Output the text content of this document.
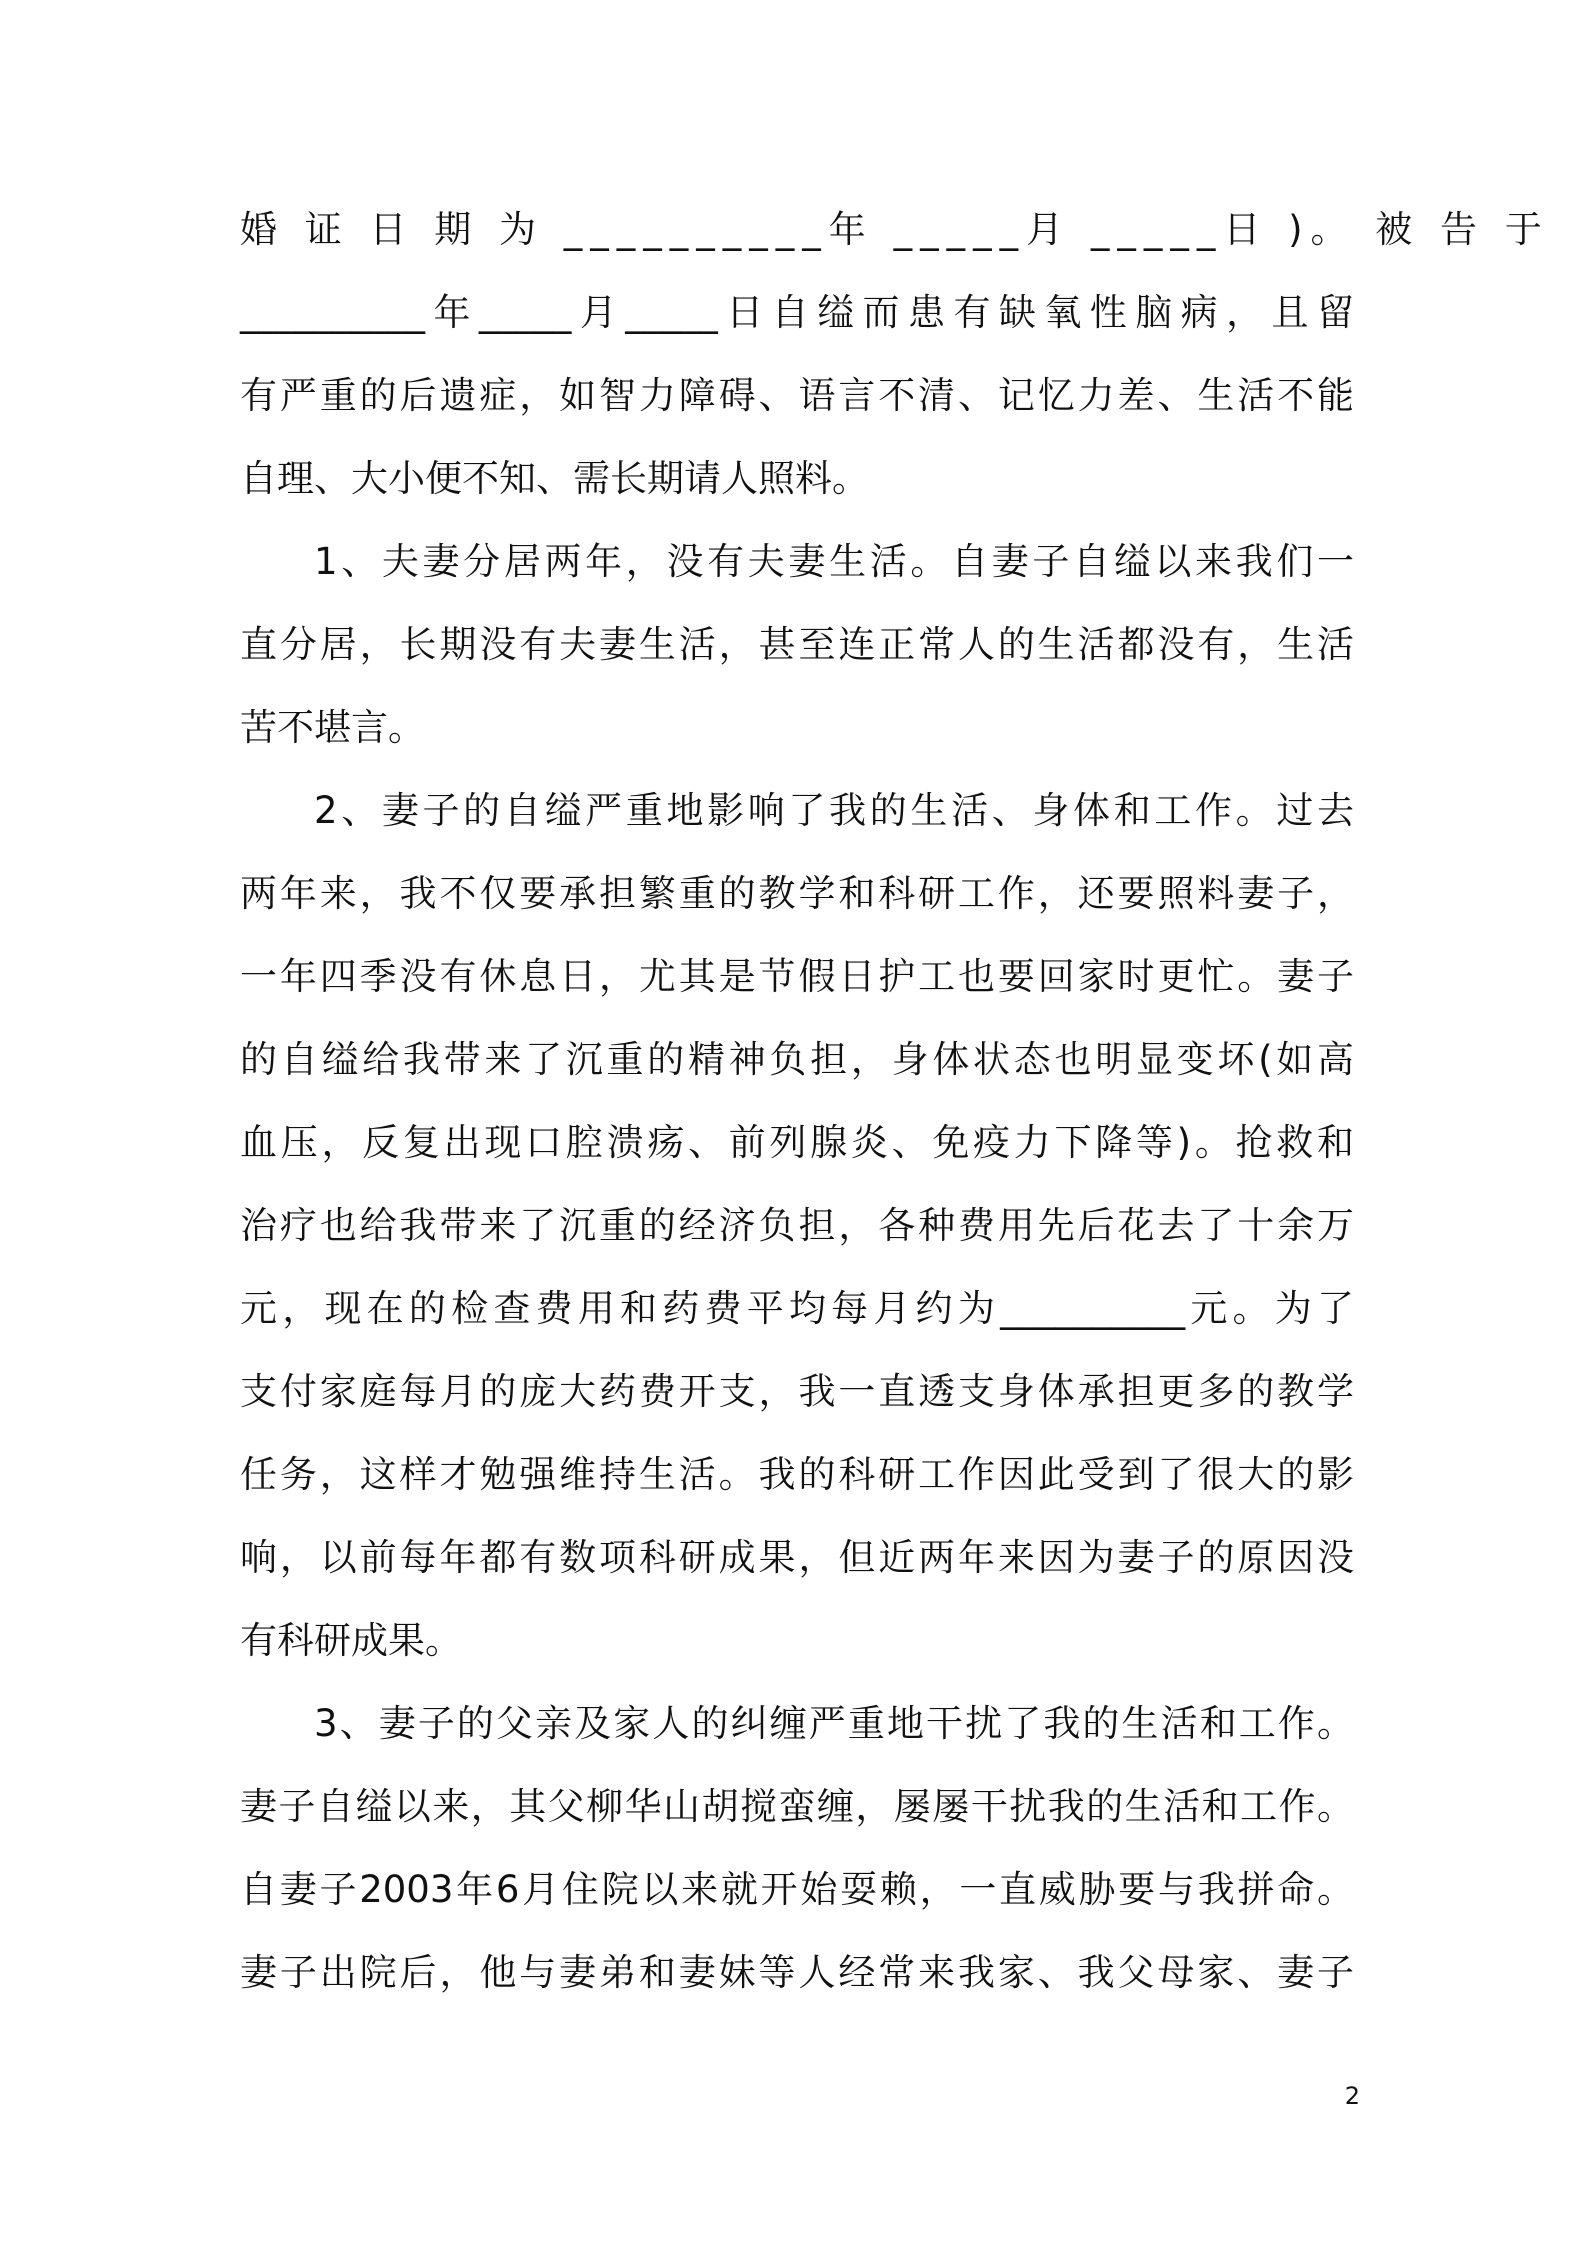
婚 证 日 期 为 __________年 _____月 _____日 )。 被 告 于
__________年_____月_____日自缢而患有缺氧性脑病，且留
有严重的后遗症，如智力障碍、语言不清、记忆力差、生活不能
自理、大小便不知、需长期请人照料。
1、夫妻分居两年，没有夫妻生活。自妻子自缢以来我们一
直分居，长期没有夫妻生活，甚至连正常人的生活都没有，生活
苦不堪言。
2、妻子的自缢严重地影响了我的生活、身体和工作。过去
两年来，我不仅要承担繁重的教学和科研工作，还要照料妻子，
一年四季没有休息日，尤其是节假日护工也要回家时更忙。妻子
的自缢给我带来了沉重的精神负担，身体状态也明显变坏(如高
血压，反复出现口腔溃疡、前列腺炎、免疫力下降等)。抢救和
治疗也给我带来了沉重的经济负担，各种费用先后花去了十余万
元，现在的检查费用和药费平均每月约为__________元。为了
支付家庭每月的庞大药费开支，我一直透支身体承担更多的教学
任务，这样才勉强维持生活。我的科研工作因此受到了很大的影
响，以前每年都有数项科研成果，但近两年来因为妻子的原因没
有科研成果。
3、妻子的父亲及家人的纠缠严重地干扰了我的生活和工作。
妻子自缢以来，其父柳华山胡搅蛮缠，屡屡干扰我的生活和工作。
自妻子2003年6月住院以来就开始耍赖，一直威胁要与我拼命。
妻子出院后，他与妻弟和妻妹等人经常来我家、我父母家、妻子
2
